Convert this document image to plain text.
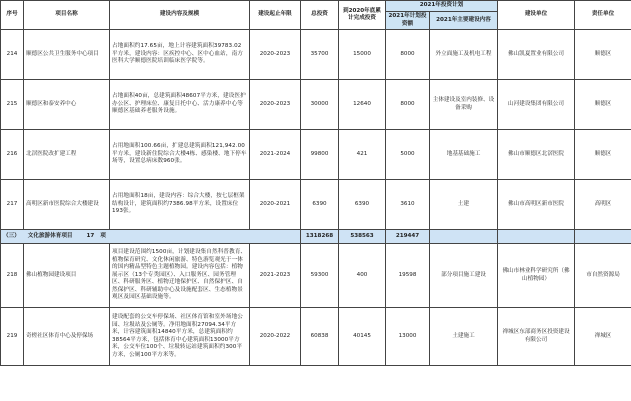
序号	项目名称	建设内容及规模	建设起止年限	总投资	到2020年底累计完成投资	2021年投资计划		建设单位	责任单位
						2021年计划投资额	2021年主要建设内容		
214	顺德区公共卫生服务中心项目	占地面积约17.65亩，地上计容建筑面积39783.02平方米，建设内容：区疾控中心、区中心血站，南方医科大学顺德医院培训临床医学院等。	2020-2023	35700	15000	8000	外立面施工及机电工程	佛山凯夏置业有限公司	顺德区
215	顺德区和泰安养中心	占地面积40亩，总建筑面积48607平方米，建设医护办公区、护理床位、康复日托中心、活力康养中心等顺德区基础养老服务设施。	2020-2023	30000	12640	8000	主体建设及室内装修、设备采购	山河建设集团有限公司	顺德区
216	北滘医院改扩建工程	占用地面积100.66亩，扩建总建筑面积121,942.00平方米，建设新住院综合大楼4栋、感染楼、地下停车场等，设置总病床数960张。	2021-2024	99800	421	5000	地基基础施工	佛山市顺德区北滘医院	顺德区
217	高明区新市医院综合大楼建设	占用地面积18亩，建设内容：综合大楼，按七层框架结构设计，建筑面积约7386.98平方米，设置床位193张。	2020-2021	6390	6390	3610	土建	佛山市高明区新市医院	高明区
（三） 文化旅游体育项目 17 项				1318268	538563	219447			
218	佛山植物园建设项目	项目建设范围约1500亩，计划建设集自然科普教育、植物保育研究、文化休闲旅游、特色游览观光于一体的国内精品型特色主题植物园。建设内容包括：植物展示区（13个专类园区）、入口服务区、园务管理区、科研服务区、植物迁地保护区、自然保护区、自然保护区、科研辅助中心及设施配套区、生态植物景观区及园区基础设施等。	2021-2023	59300	400	19598	部分项目施工建设	佛山市林业科学研究所（佛山植物园）	市自然资源局
219	奇槎社区体育中心及停保场	建设配套的公交车停保场、社区体育馆和室外场地公园、垃圾站及公厕等。净用地面积27094.34平方米，计容建筑面积14840平方米，总建筑面积约38564平方米，包括体育中心建筑面积13000平方米，公交车位100个、垃圾转运站建筑面积约300平方米，公厕100平方米等。	2020-2022	60838	40145	13000	土建施工	禅城区东部商务区投资建设有限公司	禅城区
